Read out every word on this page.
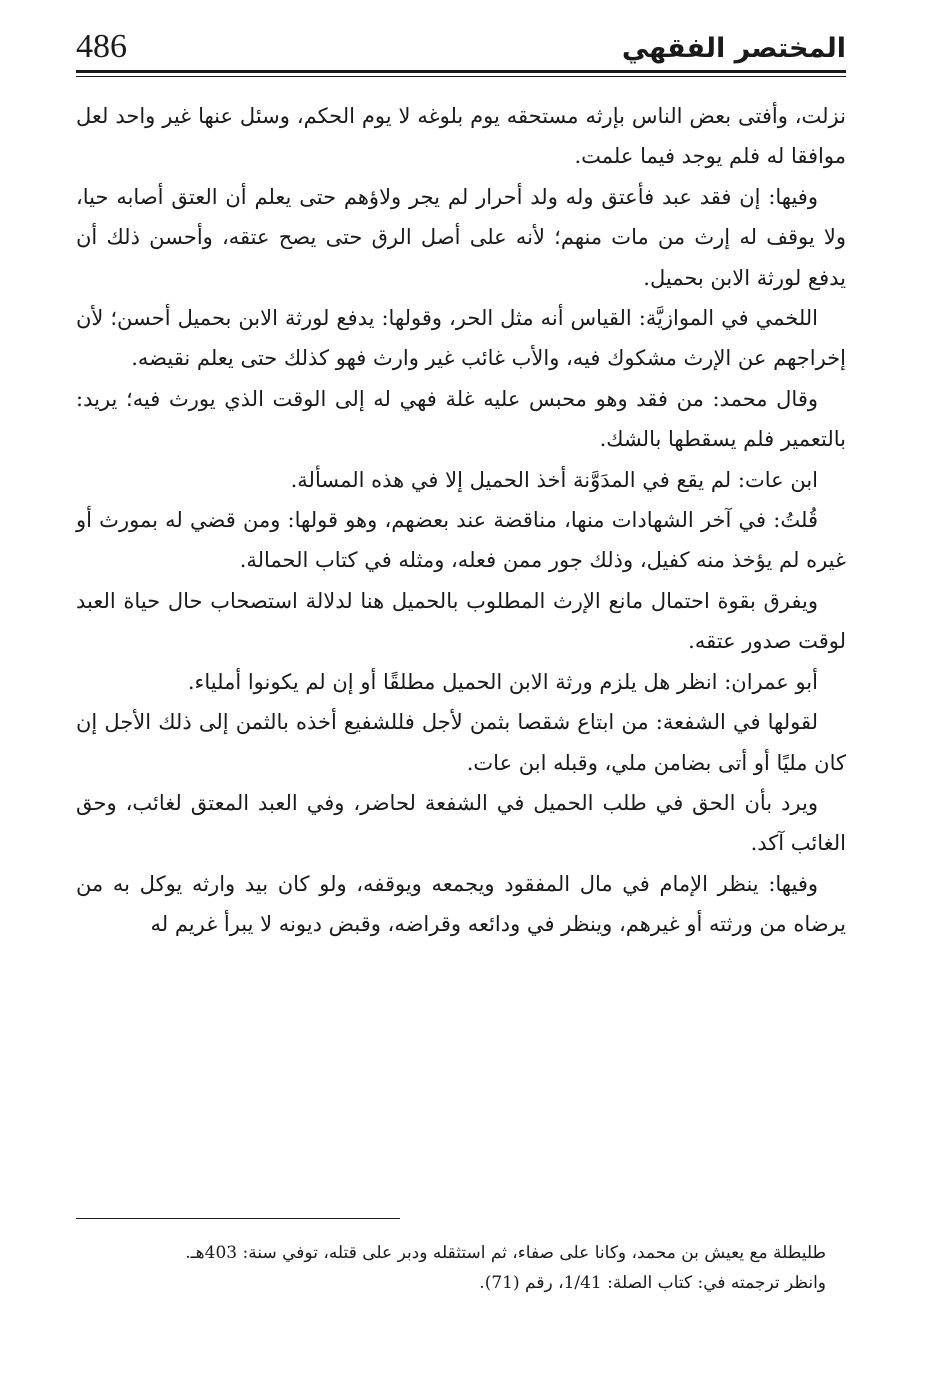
المختصر الفقهي
486

نزلت، وأفتى بعض الناس بإرثه مستحقه يوم بلوغه لا يوم الحكم، وسئل عنها غير واحد لعل موافقا له فلم يوجد فيما علمت.

وفيها: إن فقد عبد فأعتق وله ولد أحرار لم يجر ولاؤهم حتى يعلم أن العتق أصابه حيا، ولا يوقف له إرث من مات منهم؛ لأنه على أصل الرق حتى يصح عتقه، وأحسن ذلك أن يدفع لورثة الابن بحميل.

اللخمي في الموازيَّة: القياس أنه مثل الحر، وقولها: يدفع لورثة الابن بحميل أحسن؛ لأن إخراجهم عن الإرث مشكوك فيه، والأب غائب غير وارث فهو كذلك حتى يعلم نقيضه.

وقال محمد: من فقد وهو محبس عليه غلة فهي له إلى الوقت الذي يورث فيه؛ يريد: بالتعمير فلم يسقطها بالشك.

ابن عات: لم يقع في المدَوَّنة أخذ الحميل إلا في هذه المسألة.

قُلتُ: في آخر الشهادات منها، مناقضة عند بعضهم، وهو قولها: ومن قضي له بمورث أو غيره لم يؤخذ منه كفيل، وذلك جور ممن فعله، ومثله في كتاب الحمالة.

ويفرق بقوة احتمال مانع الإرث المطلوب بالحميل هنا لدلالة استصحاب حال حياة العبد لوقت صدور عتقه.

أبو عمران: انظر هل يلزم ورثة الابن الحميل مطلقًا أو إن لم يكونوا أملياء.

لقولها في الشفعة: من ابتاع شقصا بثمن لأجل فللشفيع أخذه بالثمن إلى ذلك الأجل إن كان مليًا أو أتى بضامن ملي، وقبله ابن عات.

ويرد بأن الحق في طلب الحميل في الشفعة لحاضر، وفي العبد المعتق لغائب، وحق الغائب آكد.

وفيها: ينظر الإمام في مال المفقود ويجمعه ويوقفه، ولو كان بيد وارثه يوكل به من يرضاه من ورثته أو غيرهم، وينظر في ودائعه وقراضه، وقبض ديونه لا يبرأ غريم له

طليطلة مع يعيش بن محمد، وكانا على صفاء، ثم استثقله ودبر على قتله، توفي سنة: 403هـ.

وانظر ترجمته في: كتاب الصلة: 1/41، رقم (71).
